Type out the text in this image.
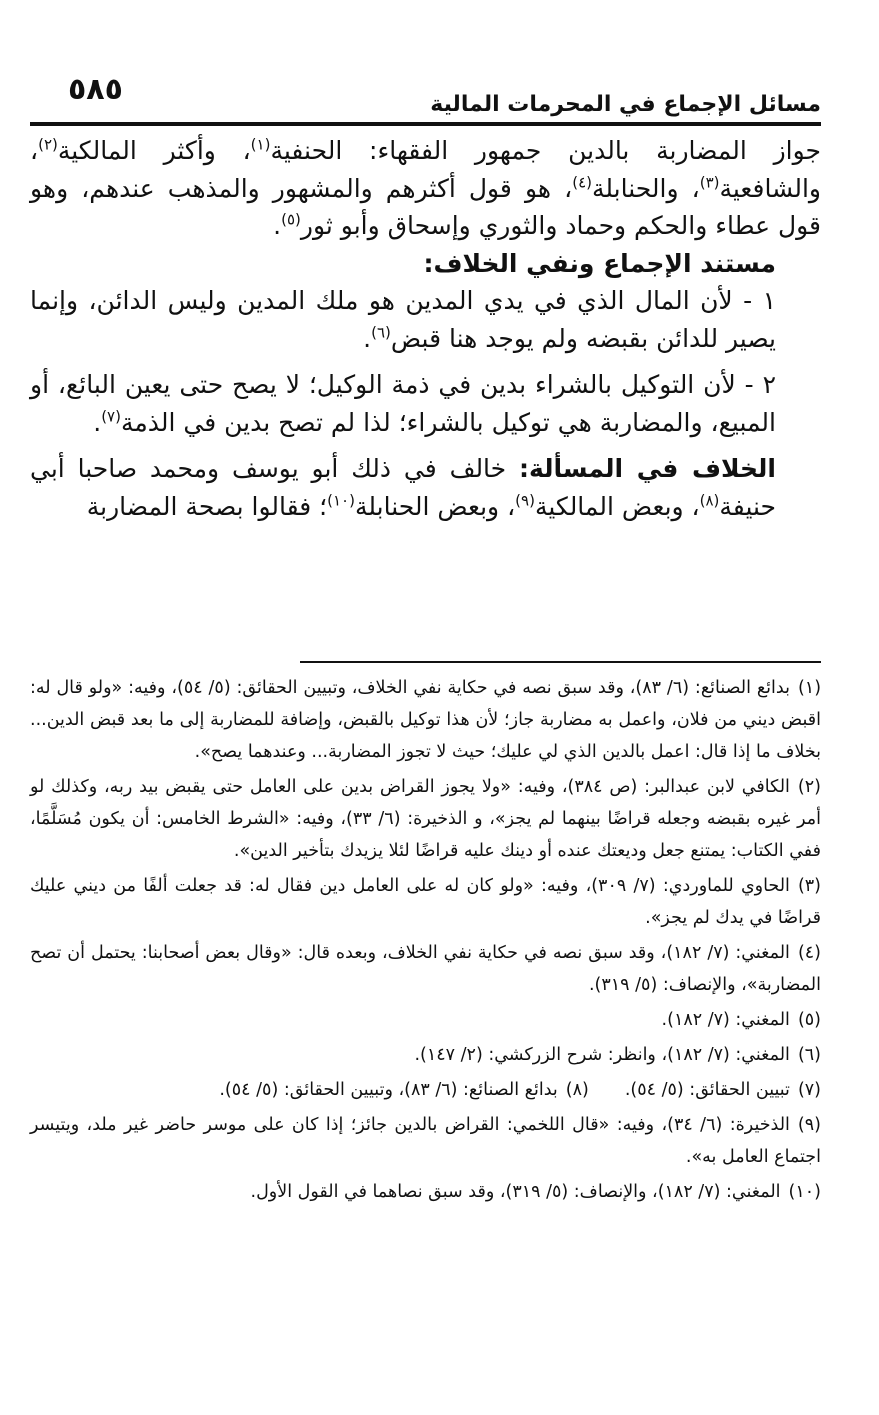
٥٨٥	مسائل الإجماع في المحرمات المالية

جواز المضاربة بالدين جمهور الفقهاء: الحنفية$^{(١)}$، وأكثر المالكية$^{(٢)}$، والشافعية$^{(٣)}$، والحنابلة$^{(٤)}$، هو قول أكثرهم والمشهور والمذهب عندهم، وهو قول عطاء والحكم وحماد والثوري وإسحاق وأبو ثور$^{(٥)}$.

مستند الإجماع ونفي الخلاف:

١ - لأن المال الذي في يدي المدين هو ملك المدين وليس الدائن، وإنما يصير للدائن بقبضه ولم يوجد هنا قبض$^{(٦)}$.

٢ - لأن التوكيل بالشراء بدين في ذمة الوكيل؛ لا يصح حتى يعين البائع، أو المبيع، والمضاربة هي توكيل بالشراء؛ لذا لم تصح بدين في الذمة$^{(٧)}$.

الخلاف في المسألة: خالف في ذلك أبو يوسف ومحمد صاحبا أبي حنيفة$^{(٨)}$، وبعض المالكية$^{(٩)}$، وبعض الحنابلة$^{(١٠)}$؛ فقالوا بصحة المضاربة

(١)بدائع الصنائع: (٦/ ٨٣)، وقد سبق نصه في حكاية نفي الخلاف، وتبيين الحقائق: (٥/ ٥٤)، وفيه: «ولو قال له: اقبض ديني من فلان، واعمل به مضاربة جاز؛ لأن هذا توكيل بالقبض، وإضافة للمضاربة إلى ما بعد قبض الدين... بخلاف ما إذا قال: اعمل بالدين الذي لي عليك؛ حيث لا تجوز المضاربة... وعندهما يصح».

(٢)الكافي لابن عبدالبر: (ص ٣٨٤)، وفيه: «ولا يجوز القراض بدين على العامل حتى يقبض بيد ربه، وكذلك لو أمر غيره بقبضه وجعله قراضًا بينهما لم يجز»، و الذخيرة: (٦/ ٣٣)، وفيه: «الشرط الخامس: أن يكون مُسَلَّمًا، ففي الكتاب: يمتنع جعل وديعتك عنده أو دينك عليه قراضًا لئلا يزيدك بتأخير الدين».

(٣)الحاوي للماوردي: (٧/ ٣٠٩)، وفيه: «ولو كان له على العامل دين فقال له: قد جعلت ألفًا من ديني عليك قراضًا في يدك لم يجز».

(٤)المغني: (٧/ ١٨٢)، وقد سبق نصه في حكاية نفي الخلاف، وبعده قال: «وقال بعض أصحابنا: يحتمل أن تصح المضاربة»، والإنصاف: (٥/ ٣١٩).

(٥)المغني: (٧/ ١٨٢).

(٦)المغني: (٧/ ١٨٢)، وانظر: شرح الزركشي: (٢/ ١٤٧).

(٧)تبيين الحقائق: (٥/ ٥٤).
(٨)بدائع الصنائع: (٦/ ٨٣)، وتبيين الحقائق: (٥/ ٥٤).

(٩)الذخيرة: (٦/ ٣٤)، وفيه: «قال اللخمي: القراض بالدين جائز؛ إذا كان على موسر حاضر غير ملد، ويتيسر اجتماع العامل به».

(١٠)المغني: (٧/ ١٨٢)، والإنصاف: (٥/ ٣١٩)، وقد سبق نصاهما في القول الأول.
